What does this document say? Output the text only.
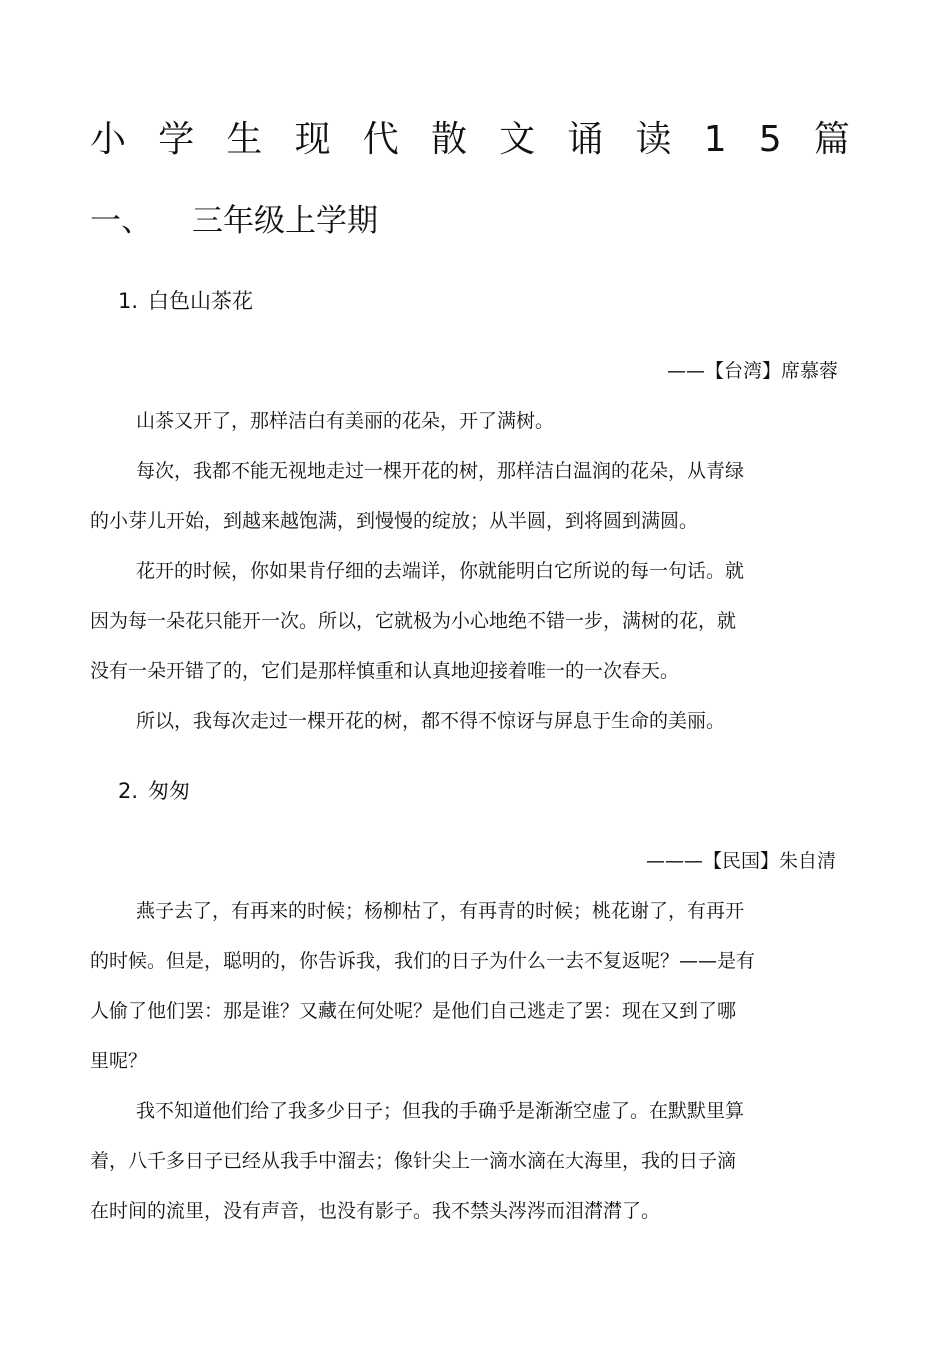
小 学 生 现 代 散 文 诵 读 1 5 篇
一、	三年级上学期
1. 白色山茶花
——【台湾】席慕蓉
山茶又开了，那样洁白有美丽的花朵，开了满树。
每次，我都不能无视地走过一棵开花的树，那样洁白温润的花朵，从青绿
的小芽儿开始，到越来越饱满，到慢慢的绽放；从半圆，到将圆到满圆。
花开的时候，你如果肯仔细的去端详，你就能明白它所说的每一句话。就
因为每一朵花只能开一次。所以，它就极为小心地绝不错一步，满树的花，就
没有一朵开错了的，它们是那样慎重和认真地迎接着唯一的一次春天。
所以，我每次走过一棵开花的树，都不得不惊讶与屏息于生命的美丽。
2. 匆匆
———【民国】朱自清
燕子去了，有再来的时候；杨柳枯了，有再青的时候；桃花谢了，有再开
的时候。但是，聪明的，你告诉我，我们的日子为什么一去不复返呢？——是有
人偷了他们罢：那是谁？又藏在何处呢？是他们自己逃走了罢：现在又到了哪
里呢？
我不知道他们给了我多少日子；但我的手确乎是渐渐空虚了。在默默里算
着，八千多日子已经从我手中溜去；像针尖上一滴水滴在大海里，我的日子滴
在时间的流里，没有声音，也没有影子。我不禁头涔涔而泪潸潸了。
